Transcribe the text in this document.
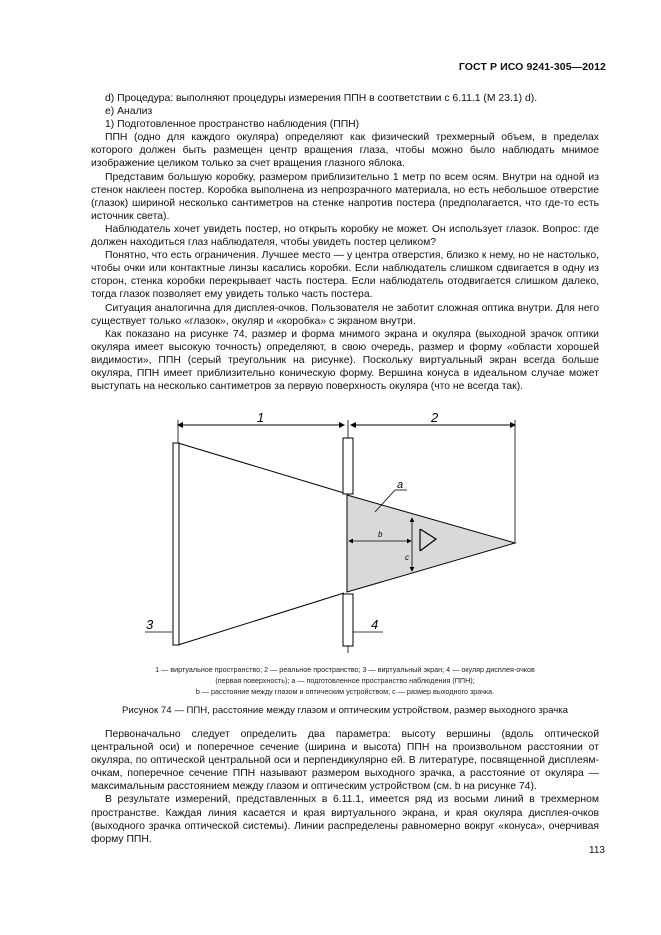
ГОСТ Р ИСО 9241-305—2012

d) Процедура: выполняют процедуры измерения ППН в соответствии с 6.11.1 (М 23.1) d).

e) Анализ

1) Подготовленное пространство наблюдения (ППН)

ППН (одно для каждого окуляра) определяют как физический трехмерный объем, в пределах которого должен быть размещен центр вращения глаза, чтобы можно было наблюдать мнимое изображение целиком только за счет вращения глазного яблока.

Представим большую коробку, размером приблизительно 1 метр по всем осям. Внутри на одной из стенок наклеен постер. Коробка выполнена из непрозрачного материала, но есть небольшое отверстие (глазок) шириной несколько сантиметров на стенке напротив постера (предполагается, что где-то есть источник света).

Наблюдатель хочет увидеть постер, но открыть коробку не может. Он использует глазок. Вопрос: где должен находиться глаз наблюдателя, чтобы увидеть постер целиком?

Понятно, что есть ограничения. Лучшее место — у центра отверстия, близко к нему, но не настолько, чтобы очки или контактные линзы касались коробки. Если наблюдатель слишком сдвигается в одну из сторон, стенка коробки перекрывает часть постера. Если наблюдатель отодвигается слишком далеко, тогда глазок позволяет ему увидеть только часть постера.

Ситуация аналогична для дисплея-очков. Пользователя не заботит сложная оптика внутри. Для него существует только «глазок», окуляр и «коробка» с экраном внутри.

Как показано на рисунке 74, размер и форма мнимого экрана и окуляра (выходной зрачок оптики окуляра имеет высокую точность) определяют, в свою очередь, размер и форму «области хорошей видимости», ППН (серый треугольник на рисунке). Поскольку виртуальный экран всегда больше окуляра, ППН имеет приблизительно коническую форму. Вершина конуса в идеальном случае может выступать на несколько сантиметров за первую поверхность окуляра (что не всегда так).

1	2
b
c
a
3	4
1 — виртуальное пространство; 2 — реальное пространство; 3 — виртуальный экран; 4 — окуляр дисплея-очков
(первая поверхность); a — подготовленное пространство наблюдения (ППН);
b — расстояние между глазом и оптическим устройством; c — размер выходного зрачка.
Рисунок 74 — ППН, расстояние между глазом и оптическим устройством, размер выходного зрачка

Первоначально следует определить два параметра: высоту вершины (вдоль оптической центральной оси) и поперечное сечение (ширина и высота) ППН на произвольном расстоянии от окуляра, по оптической центральной оси и перпендикулярно ей. В литературе, посвященной дисплеям-очкам, поперечное сечение ППН называют размером выходного зрачка, а расстояние от окуляра — максимальным расстоянием между глазом и оптическим устройством (см. b на рисунке 74).

В результате измерений, представленных в 6.11.1, имеется ряд из восьми линий в трехмерном пространстве. Каждая линия касается и края виртуального экрана, и края окуляра дисплея-очков (выходного зрачка оптической системы). Линии распределены равномерно вокруг «конуса», очерчивая форму ППН.

113
